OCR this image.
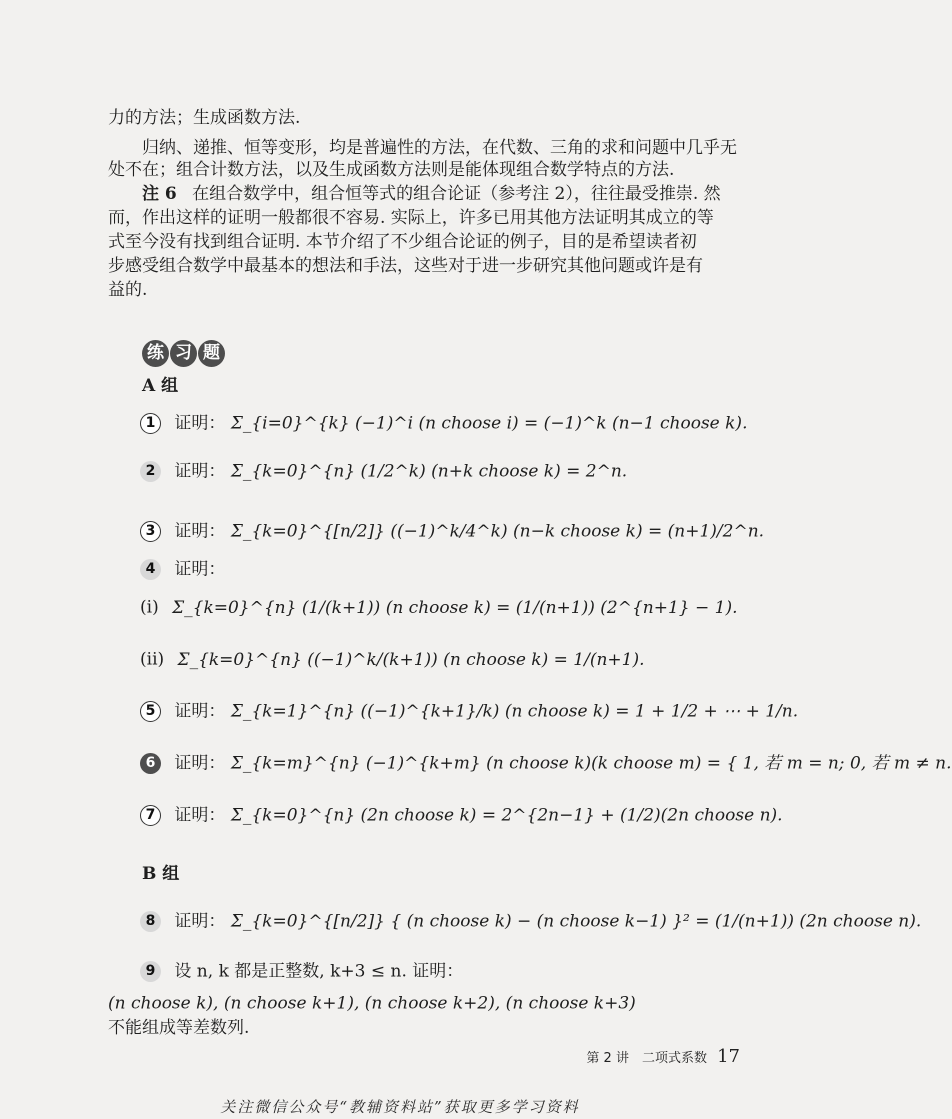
力的方法；生成函数方法.
归纳、递推、恒等变形，均是普遍性的方法，在代数、三角的求和问题中几乎无
处不在；组合计数方法，以及生成函数方法则是能体现组合数学特点的方法.
注 6 在组合数学中，组合恒等式的组合论证（参考注 2），往往最受推崇. 然
而，作出这样的证明一般都很不容易. 实际上，许多已用其他方法证明其成立的等
式至今没有找到组合证明. 本节介绍了不少组合论证的例子，目的是希望读者初
步感受组合数学中最基本的想法和手法，这些对于进一步研究其他问题或许是有
益的.
练 习 题
A 组
1 证明： Σ_{i=0}^{k} (−1)^i (n choose i) = (−1)^k (n−1 choose k).
2 证明： Σ_{k=0}^{n} (1/2^k) (n+k choose k) = 2^n.
3 证明： Σ_{k=0}^{[n/2]} ((−1)^k/4^k) (n−k choose k) = (n+1)/2^n.
4 证明：
(i) Σ_{k=0}^{n} (1/(k+1)) (n choose k) = (1/(n+1)) (2^{n+1} − 1).
(ii) Σ_{k=0}^{n} ((−1)^k/(k+1)) (n choose k) = 1/(n+1).
5 证明： Σ_{k=1}^{n} ((−1)^{k+1}/k) (n choose k) = 1 + 1/2 + ⋯ + 1/n.
6 证明： Σ_{k=m}^{n} (−1)^{k+m} (n choose k)(k choose m) = { 1, 若 m = n; 0, 若 m ≠ n.
7 证明： Σ_{k=0}^{n} (2n choose k) = 2^{2n−1} + (1/2)(2n choose n).
B 组
8 证明： Σ_{k=0}^{[n/2]} { (n choose k) − (n choose k−1) }² = (1/(n+1)) (2n choose n).
9 设 n, k 都是正整数, k+3 ≤ n. 证明：
(n choose k), (n choose k+1), (n choose k+2), (n choose k+3)
不能组成等差数列.
第 2 讲　二项式系数 17
关注微信公众号“教辅资料站”获取更多学习资料
